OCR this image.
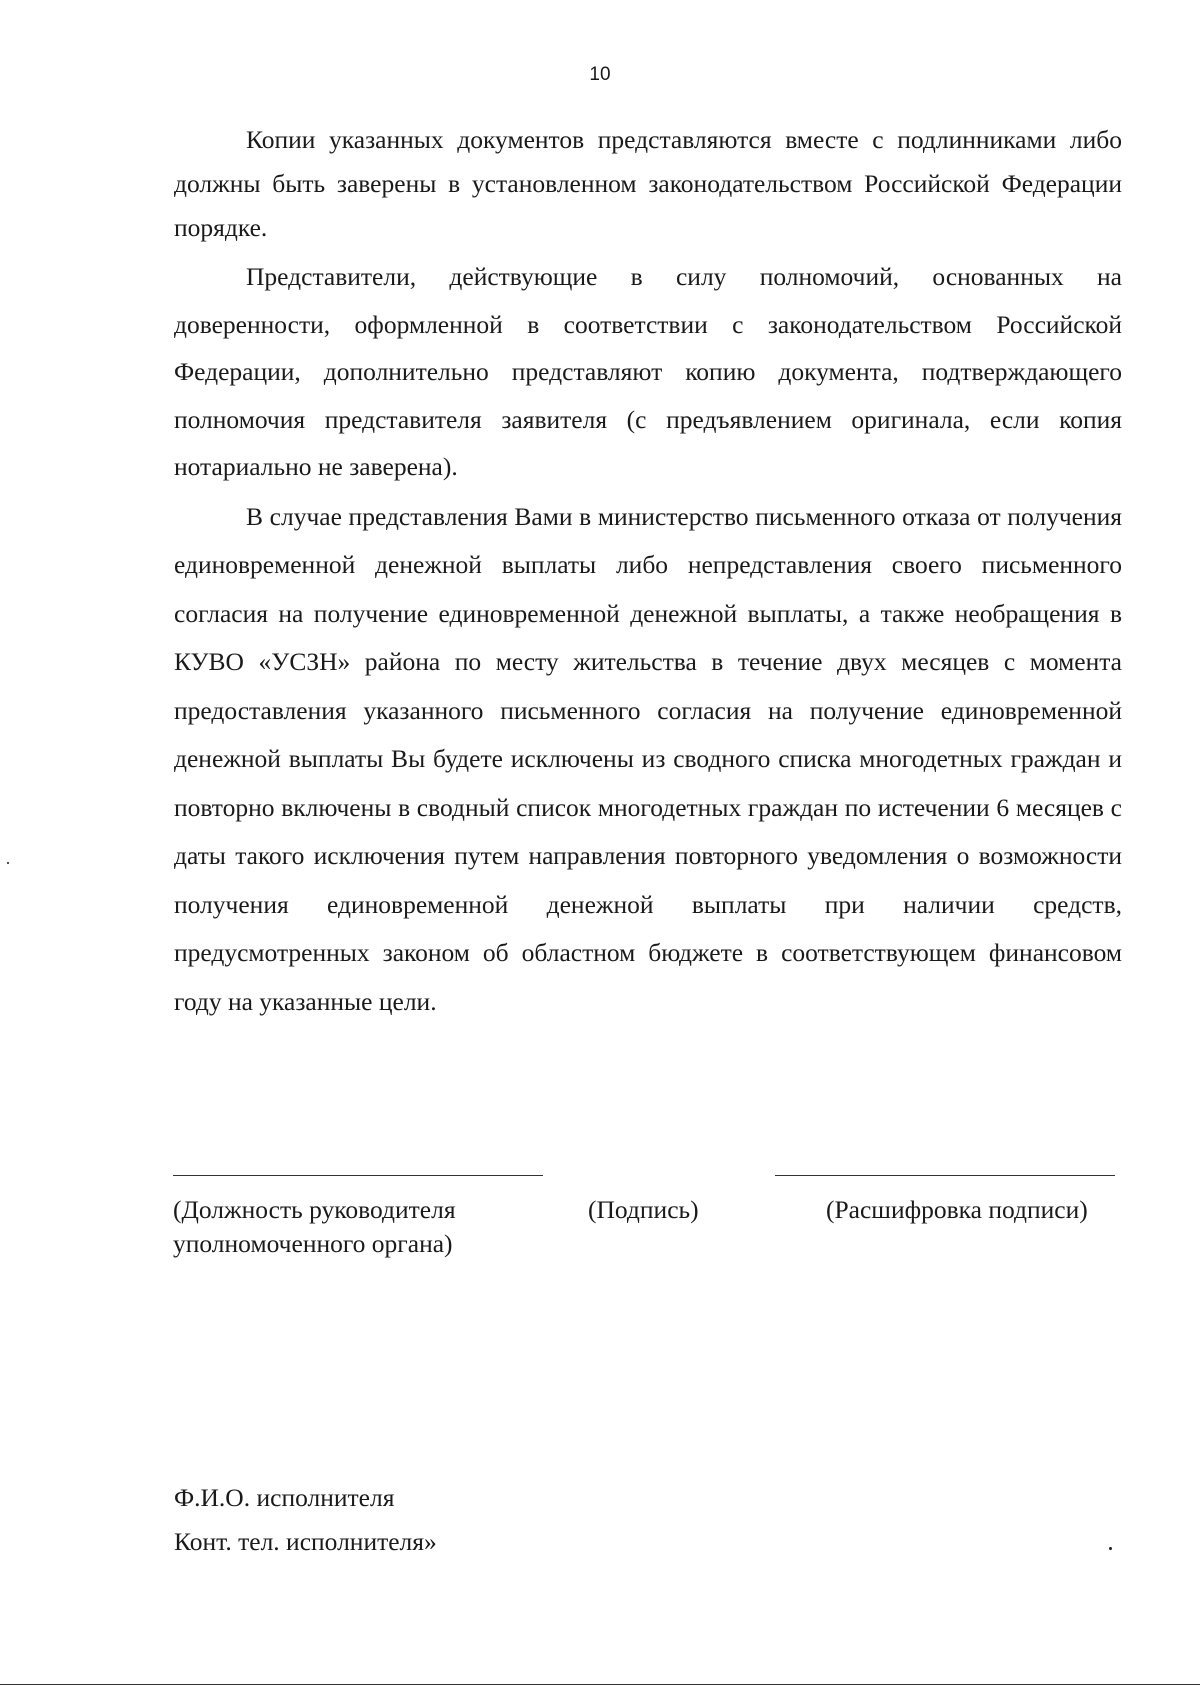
10

Копии указанных документов представляются вместе с подлинниками либо должны быть заверены в установленном законодательством Российской Федерации порядке.

Представители, действующие в силу полномочий, основанных на доверенности, оформленной в соответствии с законодательством Российской Федерации, дополнительно представляют копию документа, подтверждающего полномочия представителя заявителя (с предъявлением оригинала, если копия нотариально не заверена).

В случае представления Вами в министерство письменного отказа от получения единовременной денежной выплаты либо непредставления своего письменного согласия на получение единовременной денежной выплаты, а также необращения в КУВО «УСЗН» района по месту жительства в течение двух месяцев с момента предоставления указанного письменного согласия на получение единовременной денежной выплаты Вы будете исключены из сводного списка многодетных граждан и повторно включены в сводный список многодетных граждан по истечении 6 месяцев с даты такого исключения путем направления повторного уведомления о возможности получения единовременной денежной выплаты при наличии средств, предусмотренных законом об областном бюджете в соответствующем финансовом году на указанные цели.

(Должность руководителя
уполномоченного органа)
(Подпись)	(Расшифровка подписи)
Ф.И.О. исполнителя
Конт. тел. исполнителя»
